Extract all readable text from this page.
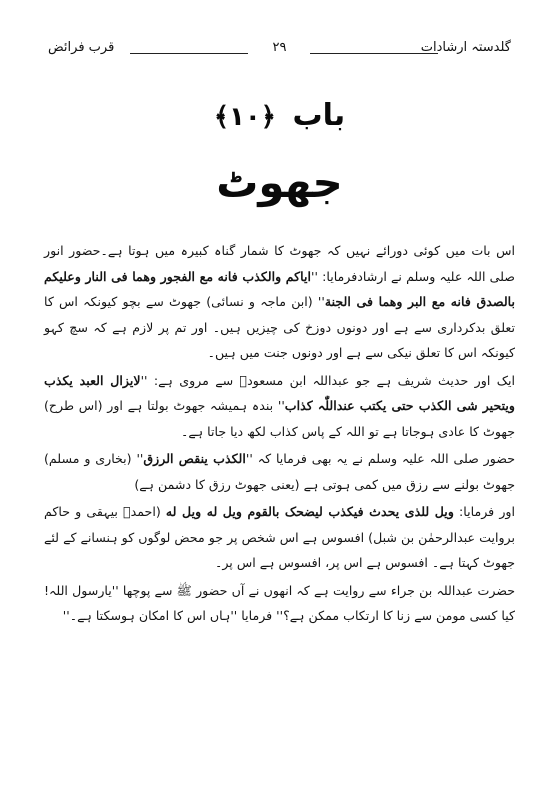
گلدستہ ارشادات
۲۹
قرب فرائض
باب ﴿۱۰﴾
جھوٹ

اس بات میں کوئی دورائے نہیں کہ جھوٹ کا شمار گناہ کبیرہ میں ہوتا ہے۔حضور انور صلی اللہ علیہ وسلم نے ارشادفرمایا: ''ایاکم والکذب فانه مع الفجور وهما فی النار وعلیکم بالصدق فانه مع البر وهما فی الجنة'' (ابن ماجہ و نسائی) جھوٹ سے بچو کیونکہ اس کا تعلق بدکرداری سے ہے اور دونوں دوزخ کی چیزیں ہیں۔ اور تم پر لازم ہے کہ سچ کہو کیونکہ اس کا تعلق نیکی سے ہے اور دونوں جنت میں ہیں۔

ایک اور حدیث شریف ہے جو عبداللہ ابن مسعودؓ سے مروی ہے: ''لایزال العبد یکذب ویتحیر شی الکذب حتی یکتب عنداللّٰہ کذاب'' بندہ ہمیشہ جھوٹ بولتا ہے اور (اس طرح) جھوٹ کا عادی ہوجاتا ہے تو اللہ کے پاس کذاب لکھ دیا جاتا ہے۔

حضور صلی اللہ علیہ وسلم نے یہ بھی فرمایا کہ ''الکذب ینقص الرزق'' (بخاری و مسلم) جھوٹ بولنے سے رزق میں کمی ہوتی ہے (یعنی جھوٹ رزق کا دشمن ہے)

اور فرمایا: ویل للذی یحدث فیکذب لیضحک بالقوم ویل له ویل له (احمدؒ بیہقی و حاکم بروایت عبدالرحمٰن بن شبل) افسوس ہے اس شخص پر جو محض لوگوں کو ہنسانے کے لئے جھوٹ کہتا ہے۔ افسوس ہے اس پر، افسوس ہے اس پر۔

حضرت عبداللہ بن جراء سے روایت ہے کہ انھوں نے آں حضور ﷺ سے پوچھا ''یارسول اللہ! کیا کسی مومن سے زنا کا ارتکاب ممکن ہے؟'' فرمایا ''ہاں اس کا امکان ہوسکتا ہے۔''
